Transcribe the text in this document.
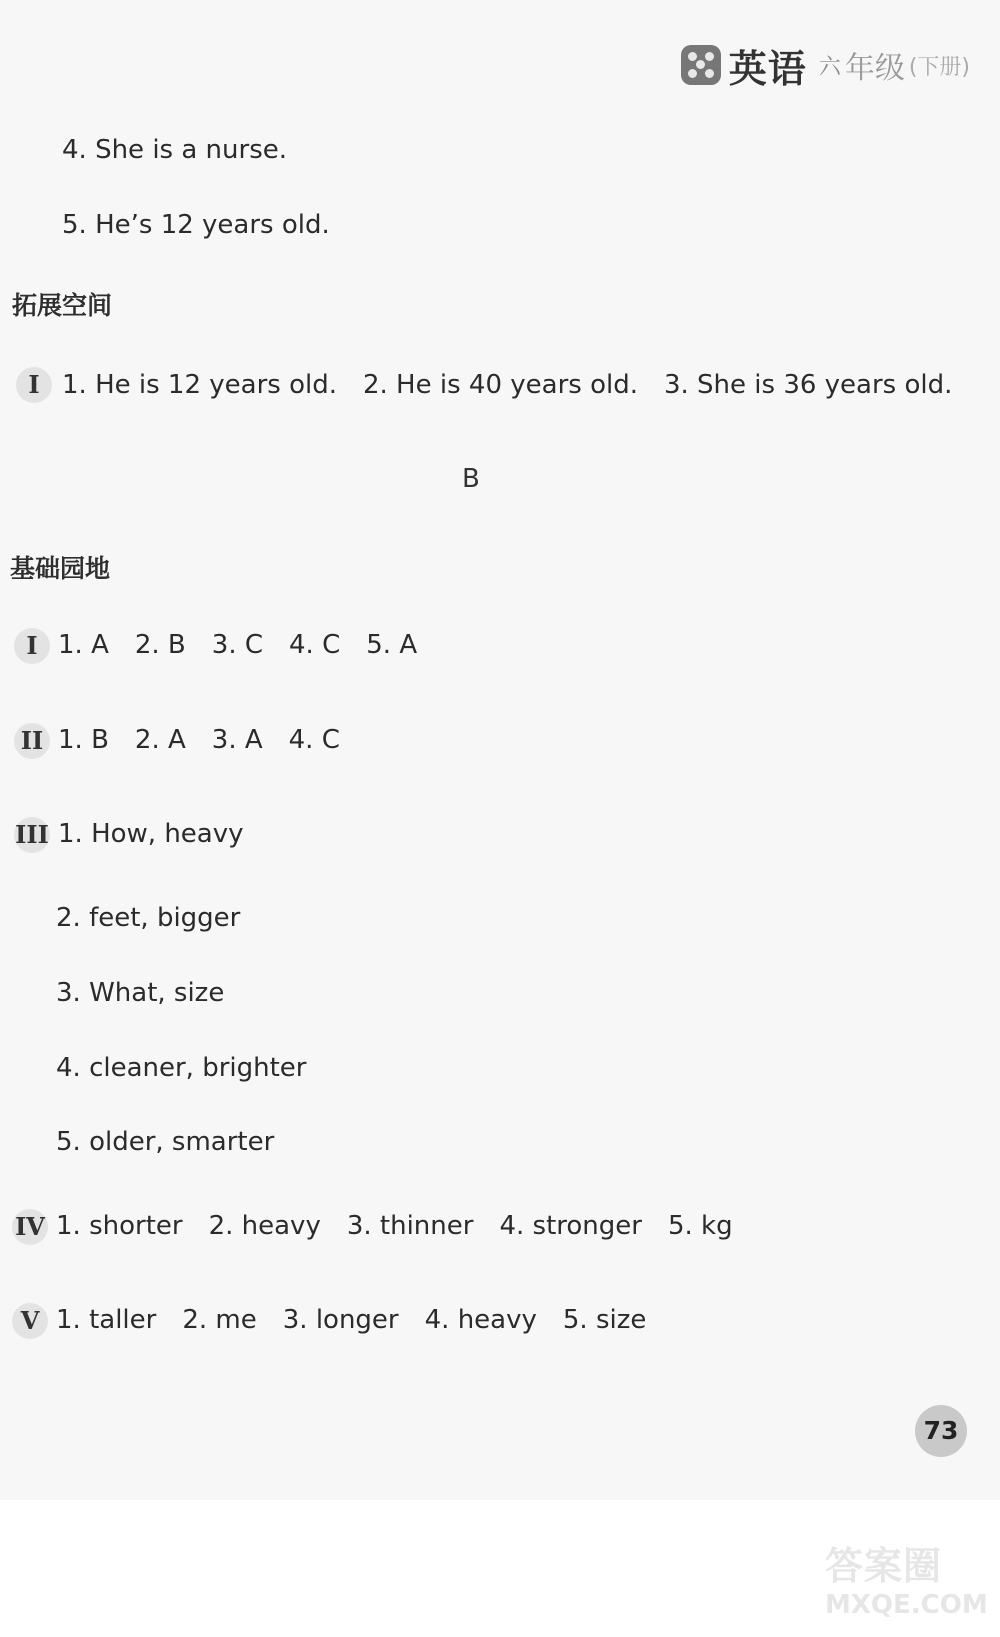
英语 六 年级 (下册)
4. She is a nurse.
5. He’s 12 years old.
拓展空间
I 1. He is 12 years old. 2. He is 40 years old. 3. She is 36 years old.
B
基础园地
I 1. A 2. B 3. C 4. C 5. A
II 1. B 2. A 3. A 4. C
III 1. How, heavy
2. feet, bigger
3. What, size
4. cleaner, brighter
5. older, smarter
IV 1. shorter 2. heavy 3. thinner 4. stronger 5. kg
V 1. taller 2. me 3. longer 4. heavy 5. size
73
答案圈
MXQE.COM
